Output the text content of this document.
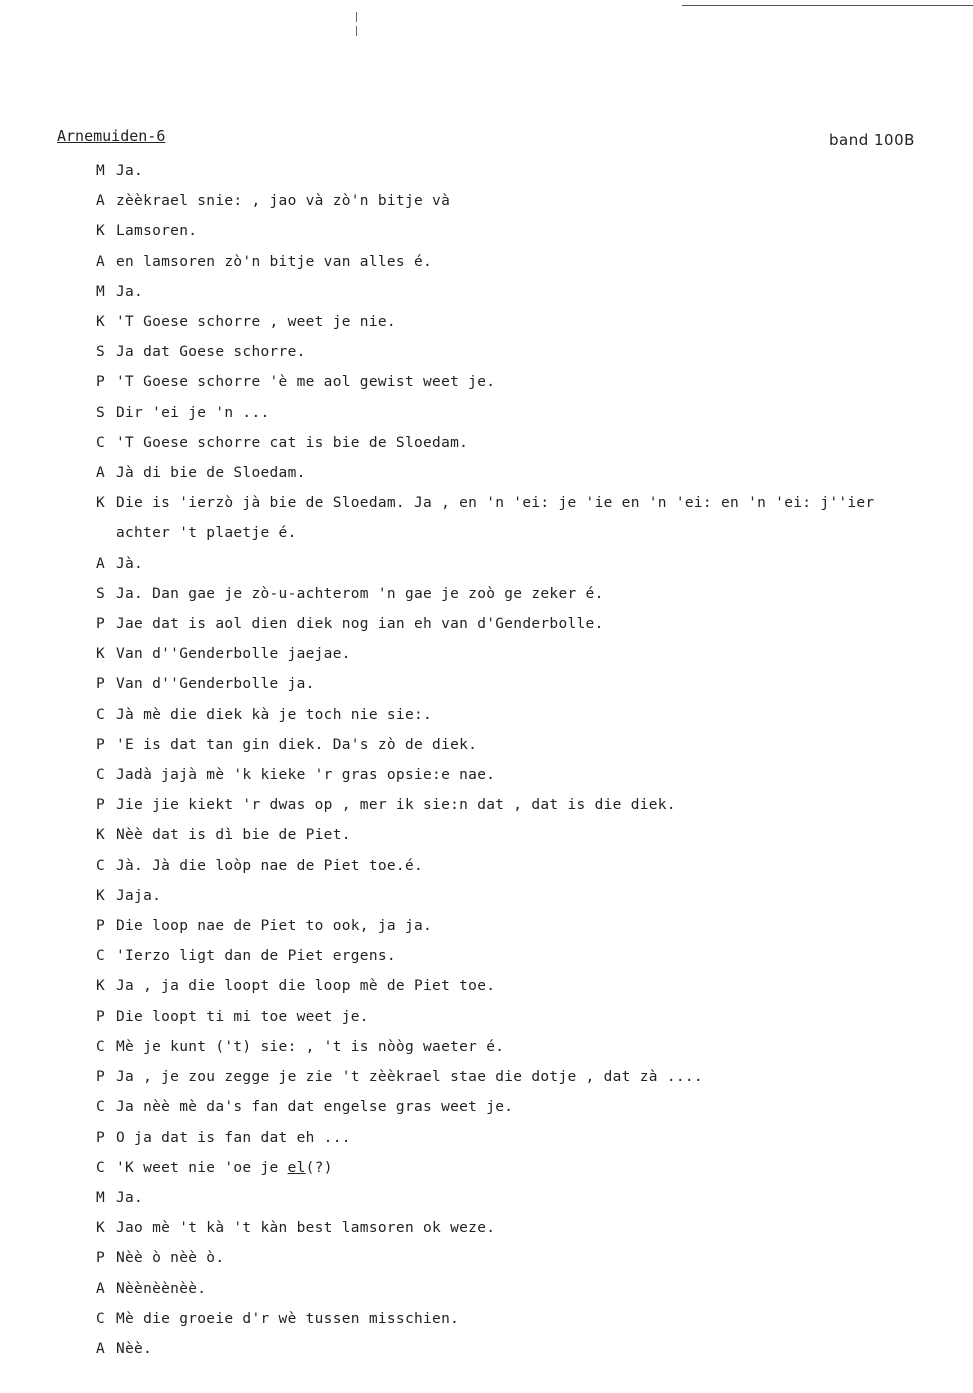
Arnemuiden-6	band 100B
M Ja.
A zèèkrael snie: , jao và zò'n bitje và
K Lamsoren.
A en lamsoren zò'n bitje van alles é.
M Ja.
K 'T Goese schorre , weet je nie.
S Ja dat Goese schorre.
P 'T Goese schorre 'è me aol gewist weet je.
S Dir 'ei je 'n ...
C 'T Goese schorre cat is bie de Sloedam.
A Jà di bie de Sloedam.
K Die is 'ierzò jà bie de Sloedam. Ja , en 'n 'ei: je 'ie en 'n 'ei: en 'n 'ei: j''ier
achter 't plaetje é.
A Jà.
S Ja. Dan gae je zò-u-achterom 'n gae je zoò ge zeker é.
P Jae dat is aol dien diek nog ian eh van d'Genderbolle.
K Van d''Genderbolle jaejae.
P Van d''Genderbolle ja.
C Jà mè die diek kà je toch nie sie:.
P 'E is dat tan gin diek. Da's zò de diek.
C Jadà jajà mè 'k kieke 'r gras opsie:e nae.
P Jie jie kiekt 'r dwas op , mer ik sie:n dat , dat is die diek.
K Nèè dat is dì bie de Piet.
C Jà. Jà die loòp nae de Piet toe.é.
K Jaja.
P Die loop nae de Piet to ook, ja ja.
C 'Ierzo ligt dan de Piet ergens.
K Ja , ja die loopt die loop mè de Piet toe.
P Die loopt ti mi toe weet je.
C Mè je kunt ('t) sie: , 't is nòòg waeter é.
P Ja , je zou zegge je zie 't zèèkrael stae die dotje , dat zà ....
C Ja nèè mè da's fan dat engelse gras weet je.
P O ja dat is fan dat eh ...
C 'K weet nie 'oe je el(?)
M Ja.
K Jao mè 't kà 't kàn best lamsoren ok weze.
P Nèè ò nèè ò.
A Nèènèènèè.
C Mè die groeie d'r wè tussen misschien.
A Nèè.
